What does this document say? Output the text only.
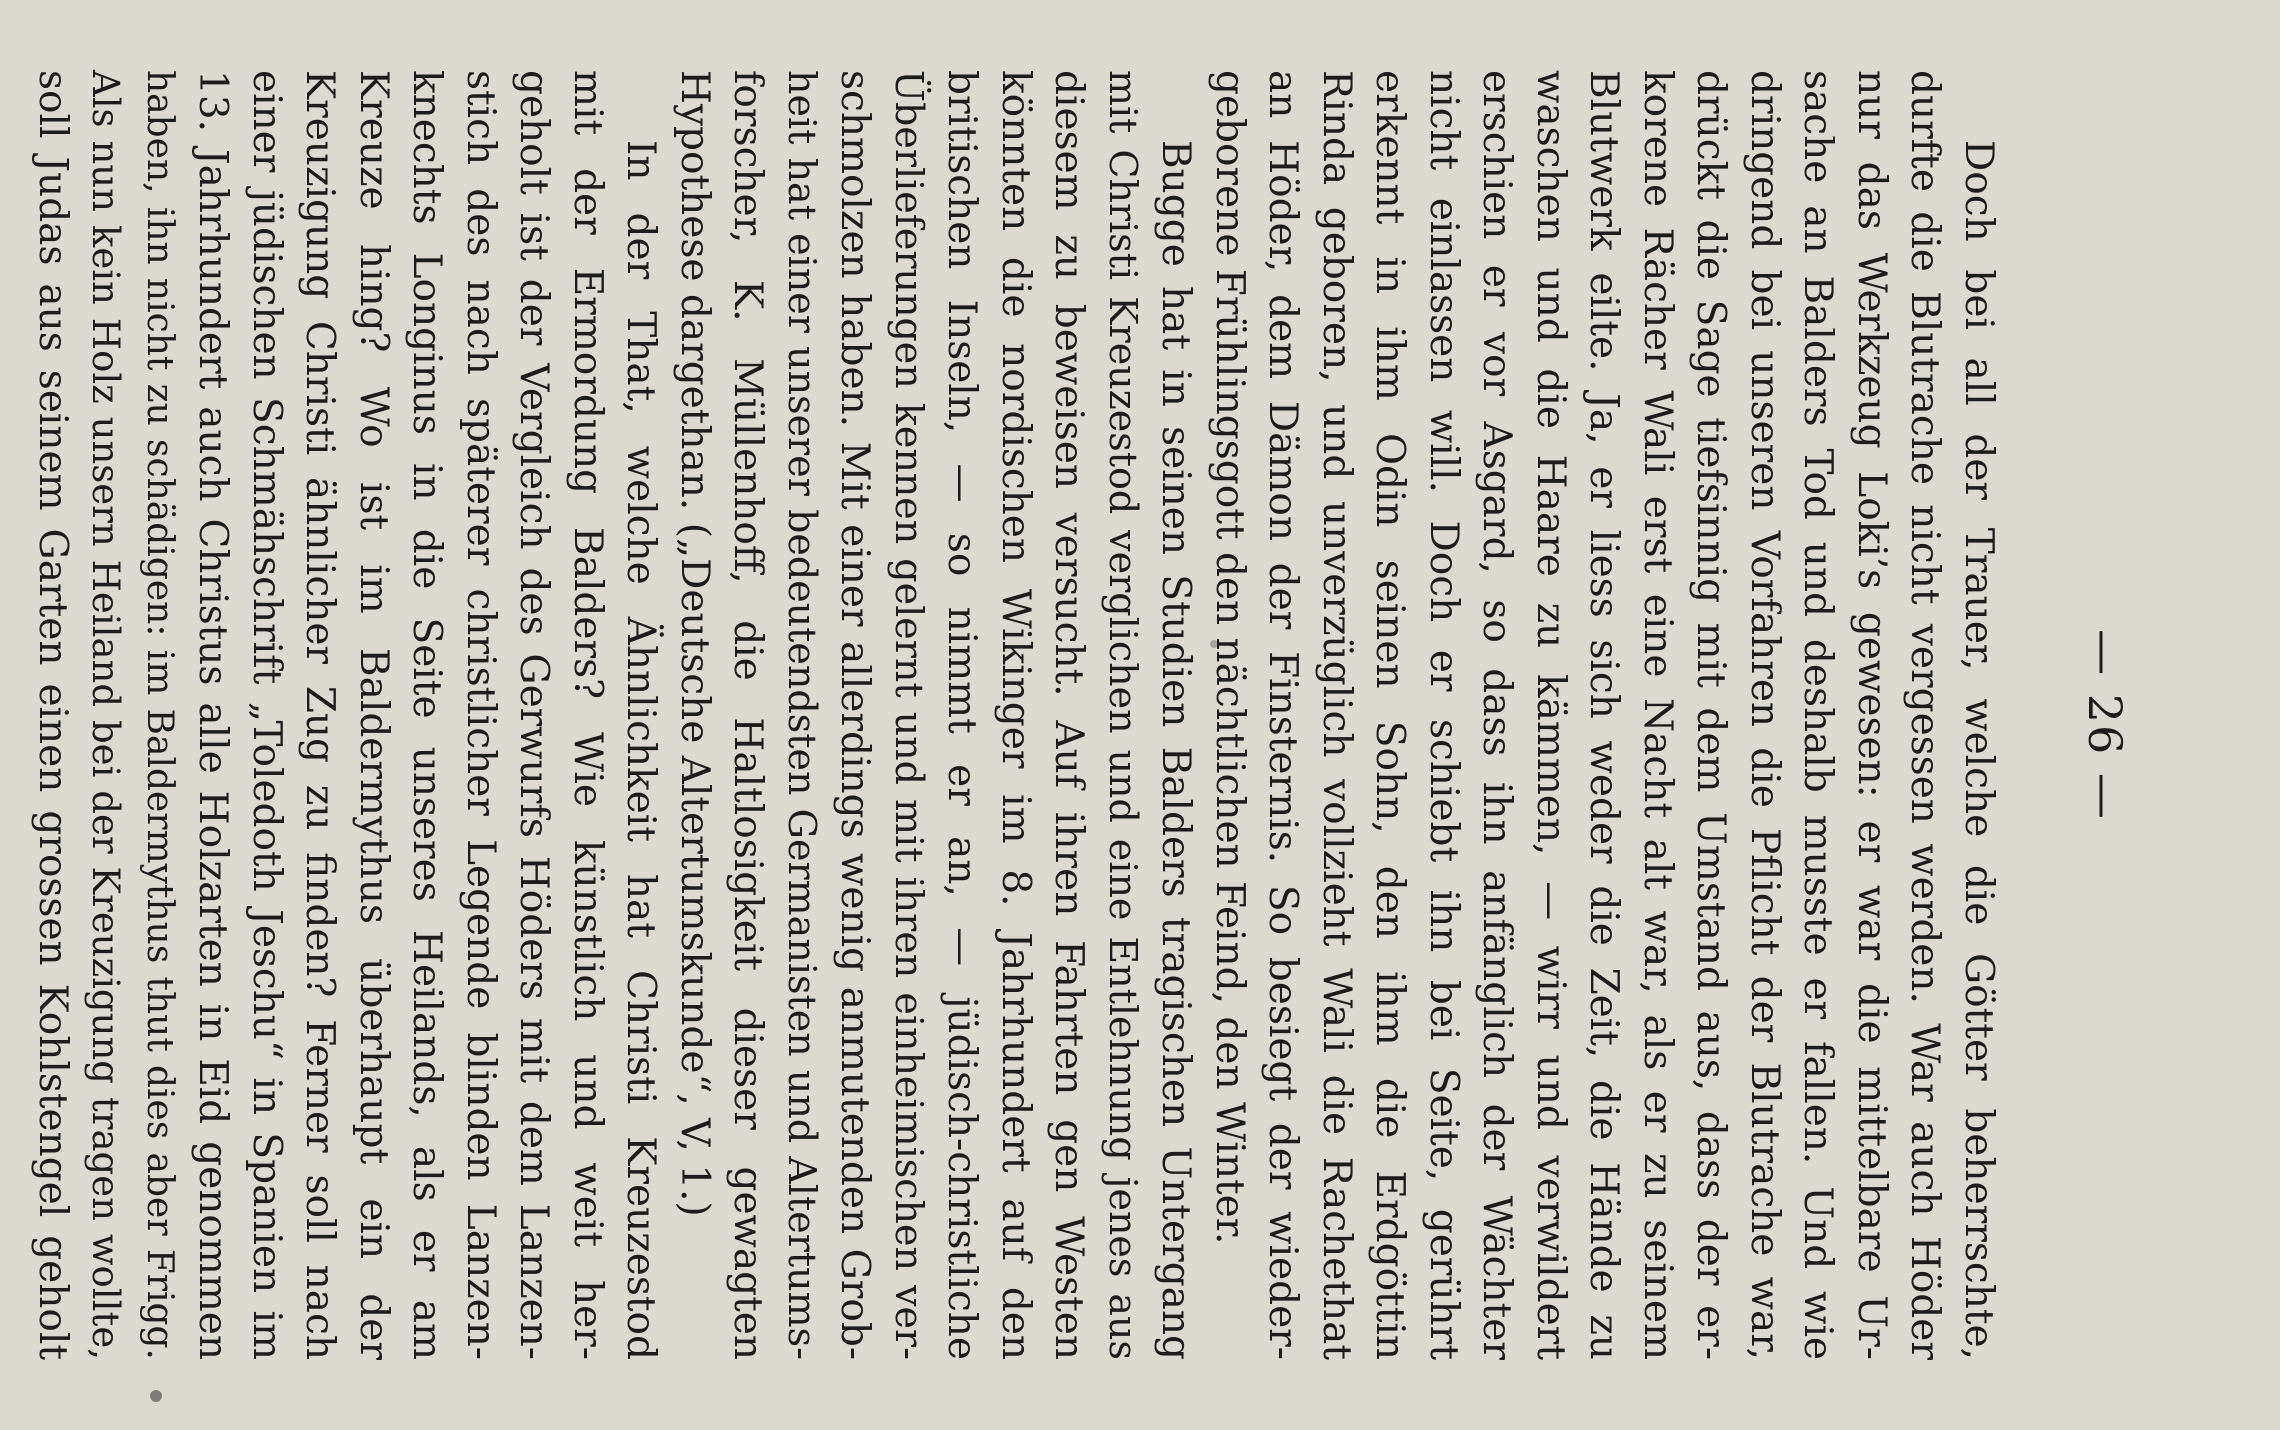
— 26 —
Doch bei all der Trauer, welche die Götter beherrschte,
durfte die Blutrache nicht vergessen werden. War auch Höder
nur das Werkzeug Loki’s gewesen: er war die mittelbare Ur-
sache an Balders Tod und deshalb musste er fallen. Und wie
dringend bei unseren Vorfahren die Pflicht der Blutrache war,
drückt die Sage tiefsinnig mit dem Umstand aus, dass der er-
korene Rächer Wali erst eine Nacht alt war, als er zu seinem
Blutwerk eilte. Ja, er liess sich weder die Zeit, die Hände zu
waschen und die Haare zu kämmen, — wirr und verwildert
erschien er vor Asgard, so dass ihn anfänglich der Wächter
nicht einlassen will. Doch er schiebt ihn bei Seite, gerührt
erkennt in ihm Odin seinen Sohn, den ihm die Erdgöttin
Rinda geboren, und unverzüglich vollzieht Wali die Rachethat
an Höder, dem Dämon der Finsternis. So besiegt der wieder-
geborene Frühlingsgott den nächtlichen Feind, den Winter.
Bugge hat in seinen Studien Balders tragischen Untergang
mit Christi Kreuzestod verglichen und eine Entlehnung jenes aus
diesem zu beweisen versucht. Auf ihren Fahrten gen Westen
könnten die nordischen Wikinger im 8. Jahrhundert auf den
britischen Inseln, — so nimmt er an, — jüdisch-christliche
Überlieferungen kennen gelernt und mit ihren einheimischen ver-
schmolzen haben. Mit einer allerdings wenig anmutenden Grob-
heit hat einer unserer bedeutendsten Germanisten und Altertums-
forscher, K. Müllenhoff, die Haltlosigkeit dieser gewagten
Hypothese dargethan. („Deutsche Altertumskunde“, V, 1.)
In der That, welche Ähnlichkeit hat Christi Kreuzestod
mit der Ermordung Balders? Wie künstlich und weit her-
geholt ist der Vergleich des Gerwurfs Höders mit dem Lanzen-
stich des nach späterer christlicher Legende blinden Lanzen-
knechts Longinus in die Seite unseres Heilands, als er am
Kreuze hing? Wo ist im Baldermythus überhaupt ein der
Kreuzigung Christi ähnlicher Zug zu finden? Ferner soll nach
einer jüdischen Schmähschrift „Toledoth Jeschu“ in Spanien im
13. Jahrhundert auch Christus alle Holzarten in Eid genommen
haben, ihn nicht zu schädigen: im Baldermythus thut dies aber Frigg.
Als nun kein Holz unsern Heiland bei der Kreuzigung tragen wollte,
soll Judas aus seinem Garten einen grossen Kohlstengel geholt
